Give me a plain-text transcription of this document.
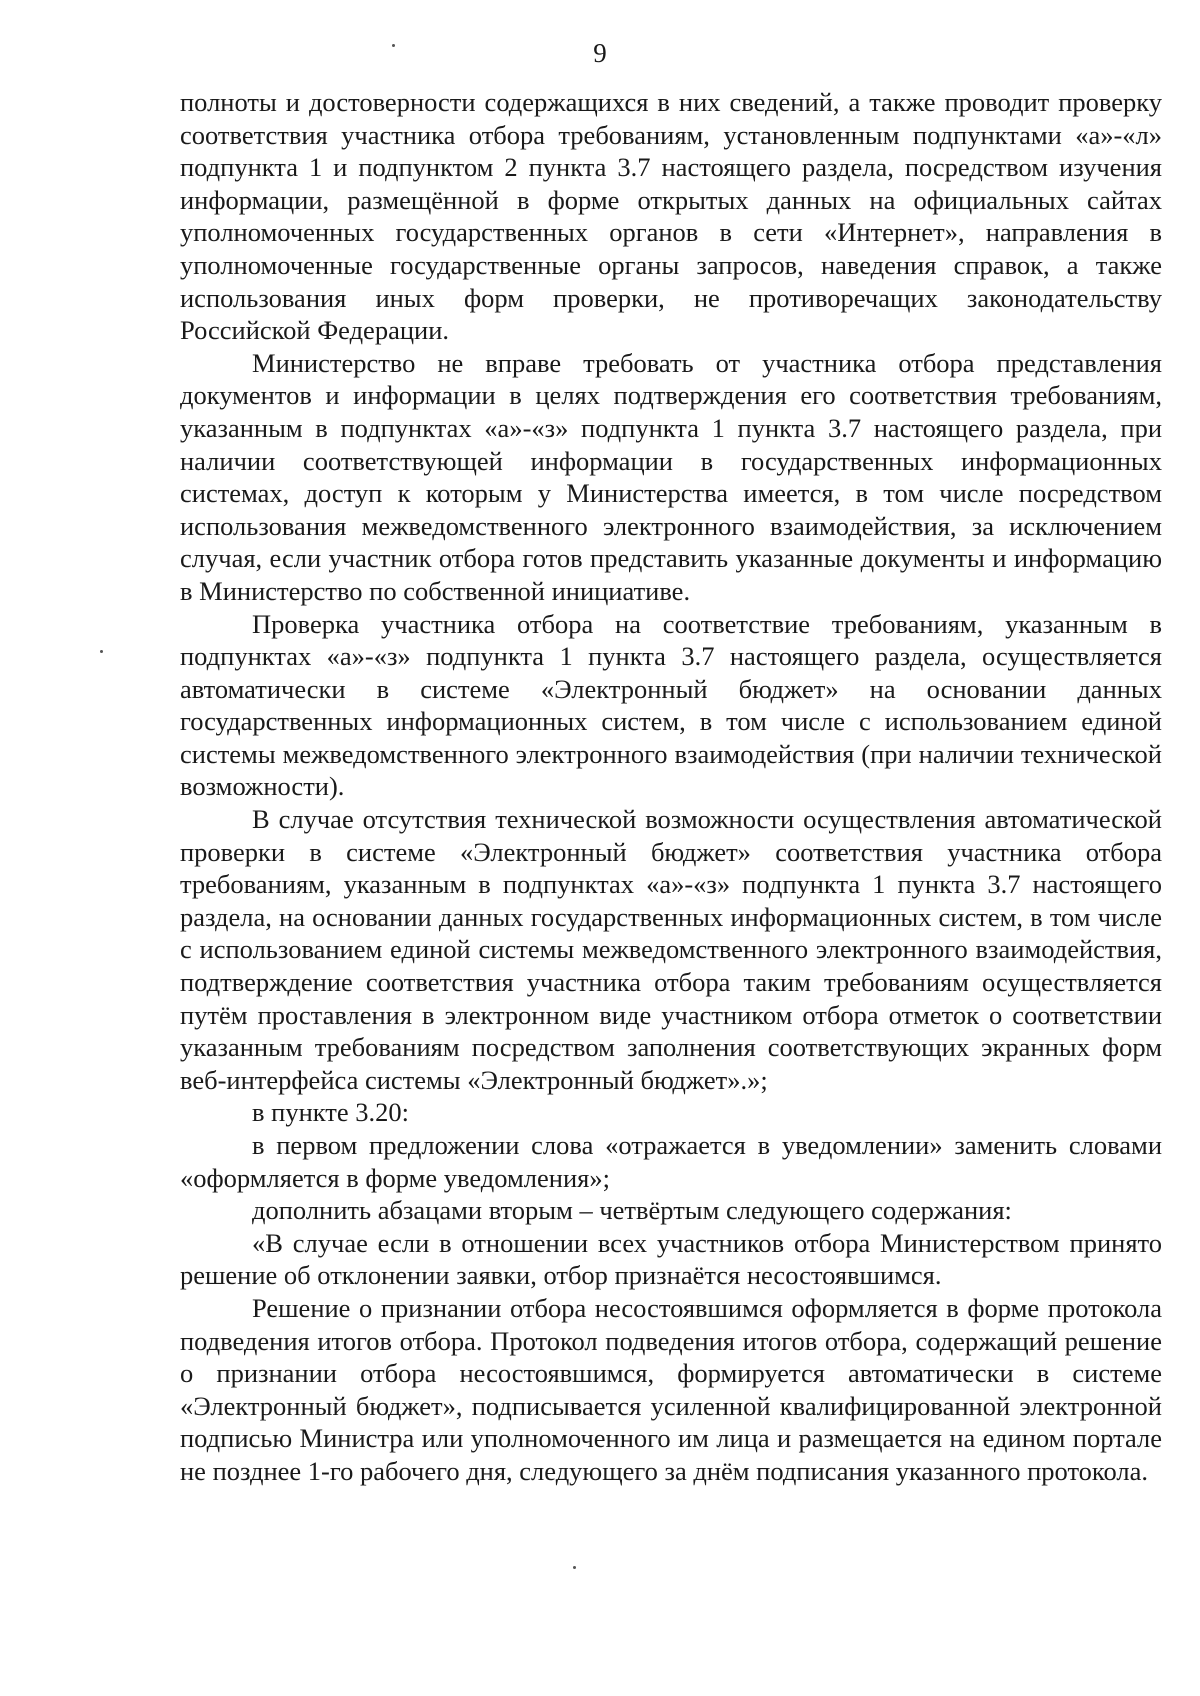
9

полноты и достоверности содержащихся в них сведений, а также проводит проверку соответствия участника отбора требованиям, установленным подпунктами «а»-«л» подпункта 1 и подпунктом 2 пункта 3.7 настоящего раздела, посредством изучения информации, размещённой в форме открытых данных на официальных сайтах уполномоченных государственных органов в сети «Интернет», направления в уполномоченные государственные органы запросов, наведения справок, а также использования иных форм проверки, не противоречащих законодательству Российской Федерации.

Министерство не вправе требовать от участника отбора представления документов и информации в целях подтверждения его соответствия требованиям, указанным в подпунктах «а»-«з» подпункта 1 пункта 3.7 настоящего раздела, при наличии соответствующей информации в государственных информационных системах, доступ к которым у Министерства имеется, в том числе посредством использования межведомственного электронного взаимодействия, за исключением случая, если участник отбора готов представить указанные документы и информацию в Министерство по собственной инициативе.

Проверка участника отбора на соответствие требованиям, указанным в подпунктах «а»-«з» подпункта 1 пункта 3.7 настоящего раздела, осуществляется автоматически в системе «Электронный бюджет» на основании данных государственных информационных систем, в том числе с использованием единой системы межведомственного электронного взаимодействия (при наличии технической возможности).

В случае отсутствия технической возможности осуществления автоматической проверки в системе «Электронный бюджет» соответствия участника отбора требованиям, указанным в подпунктах «а»-«з» подпункта 1 пункта 3.7 настоящего раздела, на основании данных государственных информационных систем, в том числе с использованием единой системы межведомственного электронного взаимодействия, подтверждение соответствия участника отбора таким требованиям осуществляется путём проставления в электронном виде участником отбора отметок о соответствии указанным требованиям посредством заполнения соответствующих экранных форм веб-интерфейса системы «Электронный бюджет».»;

в пункте 3.20:

в первом предложении слова «отражается в уведомлении» заменить словами «оформляется в форме уведомления»;

дополнить абзацами вторым – четвёртым следующего содержания:

«В случае если в отношении всех участников отбора Министерством принято решение об отклонении заявки, отбор признаётся несостоявшимся.

Решение о признании отбора несостоявшимся оформляется в форме протокола подведения итогов отбора. Протокол подведения итогов отбора, содержащий решение о признании отбора несостоявшимся, формируется автоматически в системе «Электронный бюджет», подписывается усиленной квалифицированной электронной подписью Министра или уполномоченного им лица и размещается на едином портале не позднее 1-го рабочего дня, следующего за днём подписания указанного протокола.
